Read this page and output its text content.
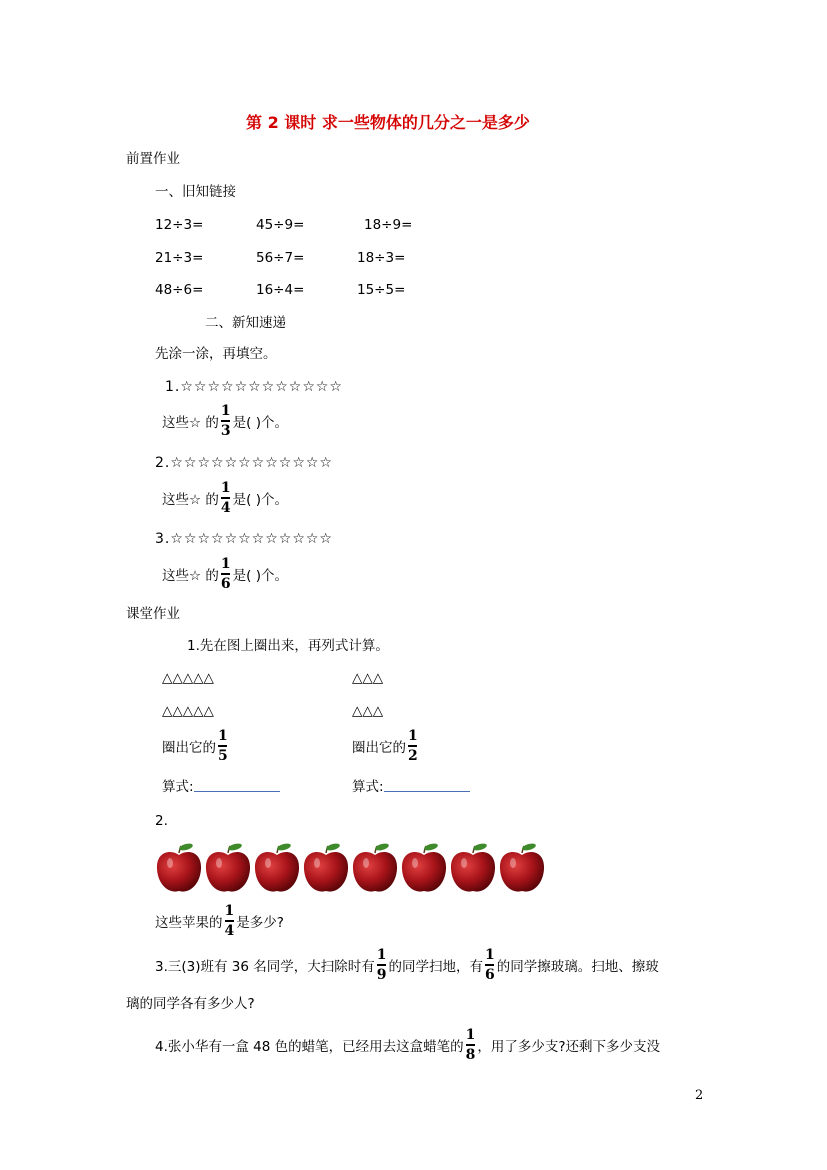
第 2 课时 求一些物体的几分之一是多少
前置作业
一、旧知链接
12÷3=	45÷9=	18÷9=
21÷3=	56÷7=	18÷3=
48÷6=	16÷4=	15÷5=
二、新知速递
先涂一涂，再填空。
1.☆☆☆☆☆☆☆☆☆☆☆☆
这些☆ 的 $\frac{1}{3}$ 是( )个。
2.☆☆☆☆☆☆☆☆☆☆☆☆
这些☆ 的 $\frac{1}{4}$ 是( )个。
3.☆☆☆☆☆☆☆☆☆☆☆☆
这些☆ 的 $\frac{1}{6}$ 是( )个。
课堂作业
1.先在图上圈出来，再列式计算。
△△△△△	△△△
△△△△△	△△△
圈出它的 $\frac{1}{5}$	圈出它的 $\frac{1}{2}$
算式:	算式:
2.
这些苹果的 $\frac{1}{4}$ 是多少?
3.三(3)班有 36 名同学，大扫除时有 $\frac{1}{9}$ 的同学扫地，有 $\frac{1}{6}$ 的同学擦玻璃。扫地、擦玻
璃的同学各有多少人?
4.张小华有一盒 48 色的蜡笔，已经用去这盒蜡笔的 $\frac{1}{8}$ ，用了多少支?还剩下多少支没
2
